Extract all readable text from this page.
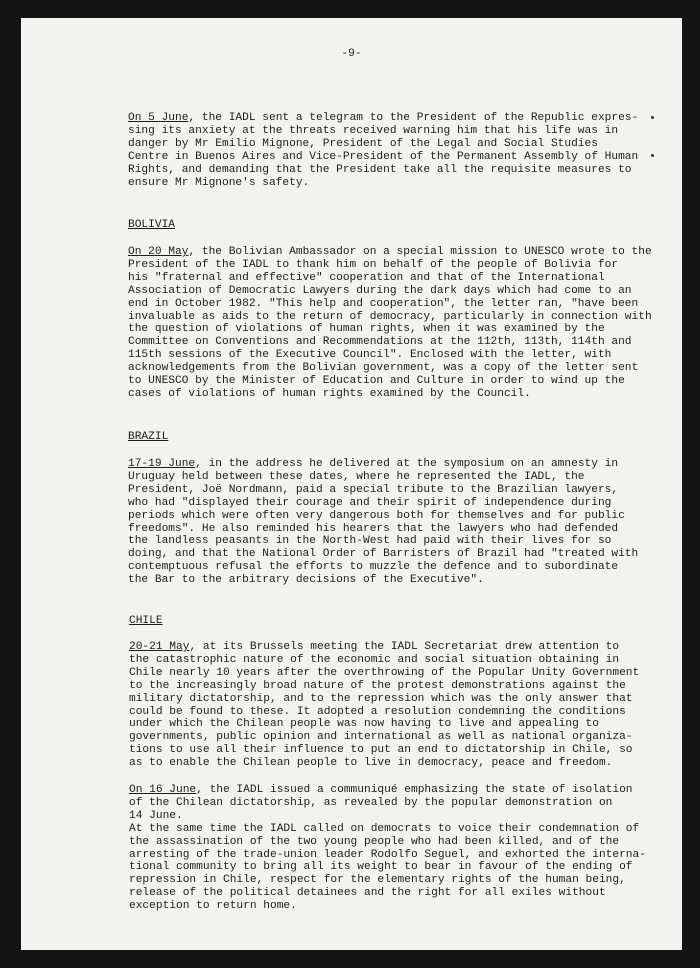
-9-
On 5 June, the IADL sent a telegram to the President of the Republic expres-
sing its anxiety at the threats received warning him that his life was in
danger by Mr Emilio Mignone, President of the Legal and Social Studies
Centre in Buenos Aires and Vice-President of the Permanent Assembly of Human
Rights, and demanding that the President take all the requisite measures to
ensure Mr Mignone's safety.
BOLIVIA
On 20 May, the Bolivian Ambassador on a special mission to UNESCO wrote to the
President of the IADL to thank him on behalf of the people of Bolivia for
his "fraternal and effective" cooperation and that of the International
Association of Democratic Lawyers during the dark days which had come to an
end in October 1982. "This help and cooperation", the letter ran, "have been
invaluable as aids to the return of democracy, particularly in connection with
the question of violations of human rights, when it was examined by the
Committee on Conventions and Recommendations at the 112th, 113th, 114th and
115th sessions of the Executive Council". Enclosed with the letter, with
acknowledgements from the Bolivian government, was a copy of the letter sent
to UNESCO by the Minister of Education and Culture in order to wind up the
cases of violations of human rights examined by the Council.
BRAZIL
17-19 June, in the address he delivered at the symposium on an amnesty in
Uruguay held between these dates, where he represented the IADL, the
President, Joë Nordmann, paid a special tribute to the Brazilian lawyers,
who had "displayed their courage and their spirit of independence during
periods which were often very dangerous both for themselves and for public
freedoms". He also reminded his hearers that the lawyers who had defended
the landless peasants in the North-West had paid with their lives for so
doing, and that the National Order of Barristers of Brazil had "treated with
contemptuous refusal the efforts to muzzle the defence and to subordinate
the Bar to the arbitrary decisions of the Executive".
CHILE
20-21 May, at its Brussels meeting the IADL Secretariat drew attention to
the catastrophic nature of the economic and social situation obtaining in
Chile nearly 10 years after the overthrowing of the Popular Unity Government
to the increasingly broad nature of the protest demonstrations against the
military dictatorship, and to the repression which was the only answer that
could be found to these. It adopted a resolution condemning the conditions
under which the Chilean people was now having to live and appealing to
governments, public opinion and international as well as national organiza-
tions to use all their influence to put an end to dictatorship in Chile, so
as to enable the Chilean people to live in democracy, peace and freedom.
On 16 June, the IADL issued a communiqué emphasizing the state of isolation
of the Chilean dictatorship, as revealed by the popular demonstration on
14 June.
At the same time the IADL called on democrats to voice their condemnation of
the assassination of the two young people who had been killed, and of the
arresting of the trade-union leader Rodolfo Seguel, and exhorted the interna-
tional community to bring all its weight to bear in favour of the ending of
repression in Chile, respect for the elementary rights of the human being,
release of the political detainees and the right for all exiles without
exception to return home.
